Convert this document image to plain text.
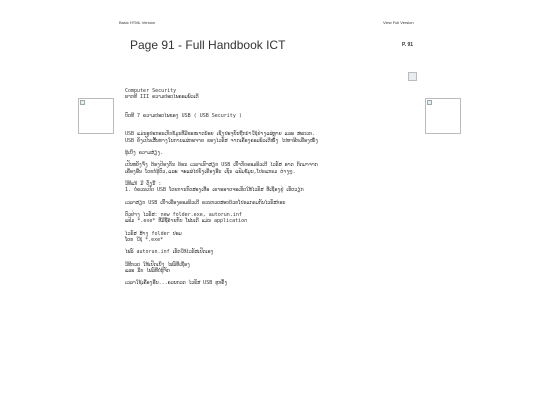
Basic HTML Version	View Full Version
Page 91 - Full Handbook ICT	P. 91
Computer Security
ພາກທີ III ຄວາມປອດໄພຄອມພິວເຕີ
ບົດທີ 7 ຄວາມປອດໄພຂອງ USB ( USB Security )
USB ແມ່ນອຸປະກອນເກັບຂໍ້ມູນທີ່ມີຂະໜາດນ້ອຍ ເຊິ່ງປະຈຸບັນຖືກນຳໃຊ້ຢ່າງແຜ່ຫຼາຍ ແລະ ສະດວກ.
USB ຍັງເປັນເສັ້ນທາງໃນການແຜ່ກະຈາຍ ຂອງໄວຣັສ ຈາກເຄື່ອງຄອມພິວເຕີໜຶ່ງ ໄປຫາອີກເຄື່ອງໜຶ່ງ
ຮູ້ເບິ່ງ ຄວາມສ່ຽງ.
ເປັນຫຍັງຈຶ່ງ ຕ້ອງປ້ອງກັນ ຍ້ອນ ເວລາເຮົາສຽບ USB ເຂົ້າກັບຄອມພິວເຕີ ໄວຣັສ ອາດ ຕິດມາຈາກ
ເຄື່ອງອື່ນ ໂດຍບໍ່ຮູ້ຕົວ,ແລະ ຈະແຜ່ໄປຍັງເຄື່ອງອື່ນ ເຊັ່ນ ແຟ້ມຂໍ້ມູນ,ໂປຣແກຣມ ຕ່າງໆ.
ວິທີແກ້ ມີ ດັ່ງນີ້ :
1. ບໍ່ຄວນເປີດ USB ໂດຍການກົດສອງເທື່ອ ເພາະອາດຈະເຮັດໃຫ້ໄວຣັສ ທີ່ເຊື່ອງຢູ່ ເຮັດວຽກ
ເວລາສຽບ USB ເຂົ້າເຄື່ອງຄອມພິວເຕີ ຄວນກວດສອບດ້ວຍໂປຣແກຣມກັນໄວຣັສກ່ອນ
ຕົວຢ່າງ ໄວຣັສ: new folder.exe, autorun.inf
ແຟ້ມ *.exe* ທີ່ມີຊື່ຄ້າຍກັບ ໂຟນເດີ ແມ່ນ application
ໄວຣັສ ສ້າງ folder ປອມ
ໂດຍ ໃຊ້ *.exe*
ໄຟລ໌ autorun.inf ເຮັດໃຫ້ໄວຣັສເປີດເອງ
ວິທີກວດ ໃຫ້ເປີດເບິ່ງ ໄຟລ໌ທີ່ເຊື່ອງ
ແລະ ລຶບ ໄຟລ໌ທີ່ບໍ່ຮູ້ຈັກ
ເວລາໃຊ້ເຄື່ອງອື່ນ...ຄວນກວດ ໄວຣັສ USB ທຸກຄັ້ງ
